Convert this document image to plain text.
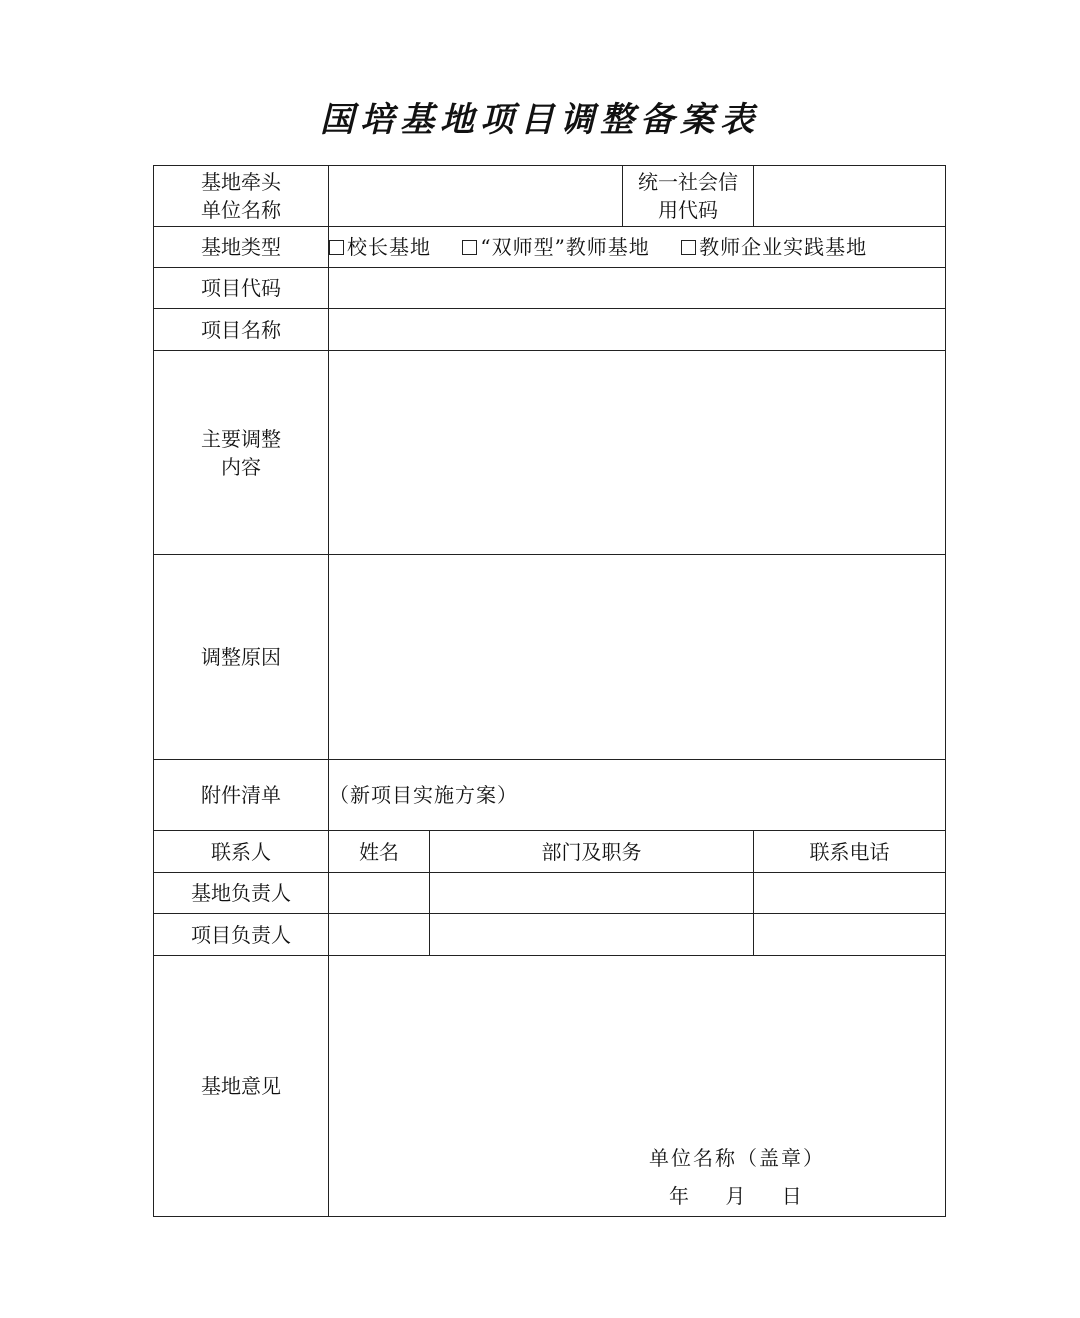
国培基地项目调整备案表
基地牵头
单位名称			统一社会信
用代码	

基地类型	校长基地 “双师型”教师基地 教师企业实践基地			
项目代码				
项目名称				

主要调整
内容				

调整原因				
附件清单	（新项目实施方案）			
联系人	姓名	部门及职务		联系电话
基地负责人				
项目负责人				
基地意见	单位名称（盖章）
年 月 日			
